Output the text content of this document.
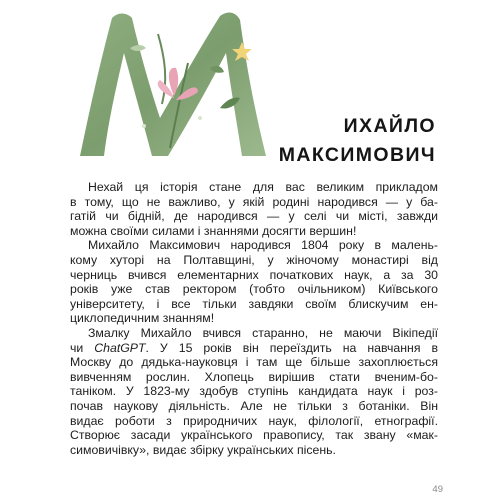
ИХАЙЛО
МАКСИМОВИЧ

Нехай ця історія стане для вас великим прикладом
в тому, що не важливо, у якій родині народився — у ба-
гатій чи бідній, де народився — у селі чи місті, завжди
можна своїми силами і знаннями досягти вершин!

Михайло Максимович народився 1804 року в малень-
кому хуторі на Полтавщині, у жіночому монастирі від
черниць вчився елементарних початкових наук, а за 30
років уже став ректором (тобто очільником) Київського
університету, і все тільки завдяки своїм блискучим ен-
циклопедичним знанням!

Змалку Михайло вчився старанно, не маючи Вікіпедії
чи ChatGPT. У 15 років він переїздить на навчання в
Москву до дядька-науковця і там ще більше захоплюється
вивченням рослин. Хлопець вирішив стати вченим-бо-
таніком. У 1823-му здобув ступінь кандидата наук і роз-
почав наукову діяльність. Але не тільки з ботаніки. Він
видає роботи з природничих наук, філології, етнографії.
Створює засади українського правопису, так звану «мак-
симовичівку», видає збірку українських пісень.

49
